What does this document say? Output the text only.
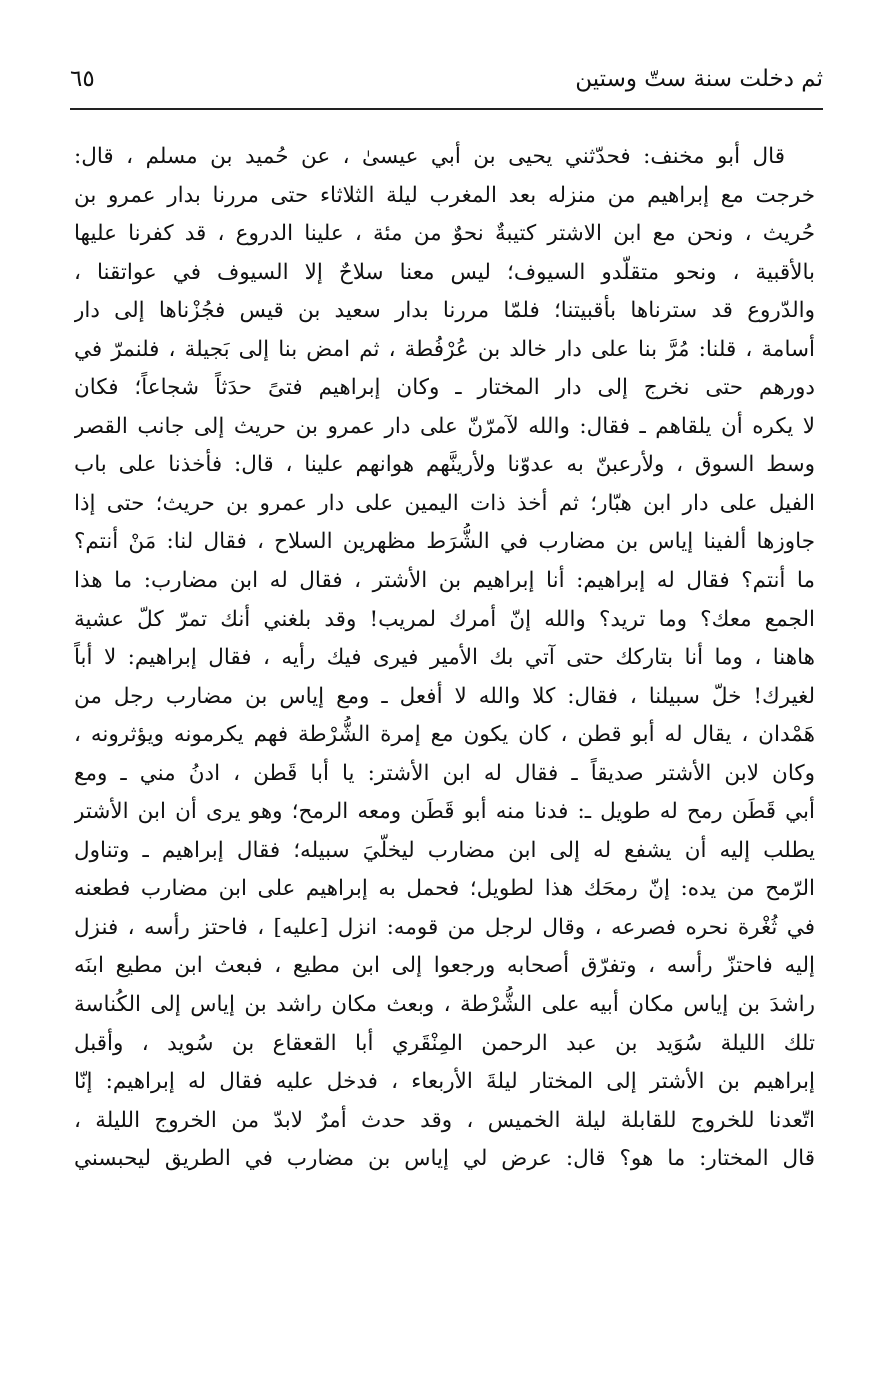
ثم دخلت سنة ستّ وستين
٦٥
قال أبو مخنف: فحدّثني يحيى بن أبي عيسىٰ ، عن حُميد بن مسلم ، قال:
خرجت مع إبراهيم من منزله بعد المغرب ليلة الثلاثاء حتى مررنا بدار عمرو بن
حُريث ، ونحن مع ابن الاشتر كتيبةٌ نحوٌ من مئة ، علينا الدروع ، قد كفرنا عليها
بالأقبية ، ونحو متقلّدو السيوف؛ ليس معنا سلاحٌ إلا السيوف في عواتقنا ،
والدّروع قد سترناها بأقبيتنا؛ فلمّا مررنا بدار سعيد بن قيس فجُزْناها إلى دار
أسامة ، قلنا: مُرَّ بنا على دار خالد بن عُرْفُطة ، ثم امض بنا إلى بَجيلة ، فلنمرّ في
دورهم حتى نخرج إلى دار المختار ـ وكان إبراهيم فتىً حدَثاً شجاعاً؛ فكان
لا يكره أن يلقاهم ـ فقال: والله لآمرّنّ على دار عمرو بن حريث إلى جانب القصر
وسط السوق ، ولأرعبنّ به عدوّنا ولأرينَّهم هوانهم علينا ، قال: فأخذنا على باب
الفيل على دار ابن هبّار؛ ثم أخذ ذات اليمين على دار عمرو بن حريث؛ حتى إذا
جاوزها ألفينا إياس بن مضارب في الشُّرَط مظهرين السلاح ، فقال لنا: مَنْ أنتم؟
ما أنتم؟ فقال له إبراهيم: أنا إبراهيم بن الأشتر ، فقال له ابن مضارب: ما هذا
الجمع معك؟ وما تريد؟ والله إنّ أمرك لمريب! وقد بلغني أنك تمرّ كلّ عشية
هاهنا ، وما أنا بتاركك حتى آتي بك الأمير فيرى فيك رأيه ، فقال إبراهيم: لا أباً
لغيرك! خلّ سبيلنا ، فقال: كلا والله لا أفعل ـ ومع إياس بن مضارب رجل من
هَمْدان ، يقال له أبو قطن ، كان يكون مع إمرة الشُّرْطة فهم يكرمونه ويؤثرونه ،
وكان لابن الأشتر صديقاً ـ فقال له ابن الأشتر: يا أبا قَطن ، ادنُ مني ـ ومع
أبي قَطَن رمح له طويل ـ: فدنا منه أبو قَطَن ومعه الرمح؛ وهو يرى أن ابن الأشتر
يطلب إليه أن يشفع له إلى ابن مضارب ليخلّيَ سبيله؛ فقال إبراهيم ـ وتناول
الرّمح من يده: إنّ رمحَك هذا لطويل؛ فحمل به إبراهيم على ابن مضارب فطعنه
في ثُغْرة نحره فصرعه ، وقال لرجل من قومه: انزل [عليه] ، فاحتز رأسه ، فنزل
إليه فاحتزّ رأسه ، وتفرّق أصحابه ورجعوا إلى ابن مطيع ، فبعث ابن مطيع ابنَه
راشدَ بن إياس مكان أبيه على الشُّرْطة ، وبعث مكان راشد بن إياس إلى الكُناسة
تلك الليلة سُوَيد بن عبد الرحمن المِنْقَري أبا القعقاع بن سُويد ، وأقبل
إبراهيم بن الأشتر إلى المختار ليلةَ الأربعاء ، فدخل عليه فقال له إبراهيم: إنّا
اتّعدنا للخروج للقابلة ليلة الخميس ، وقد حدث أمرٌ لابدّ من الخروج الليلة ،
قال المختار: ما هو؟ قال: عرض لي إياس بن مضارب في الطريق ليحبسني
